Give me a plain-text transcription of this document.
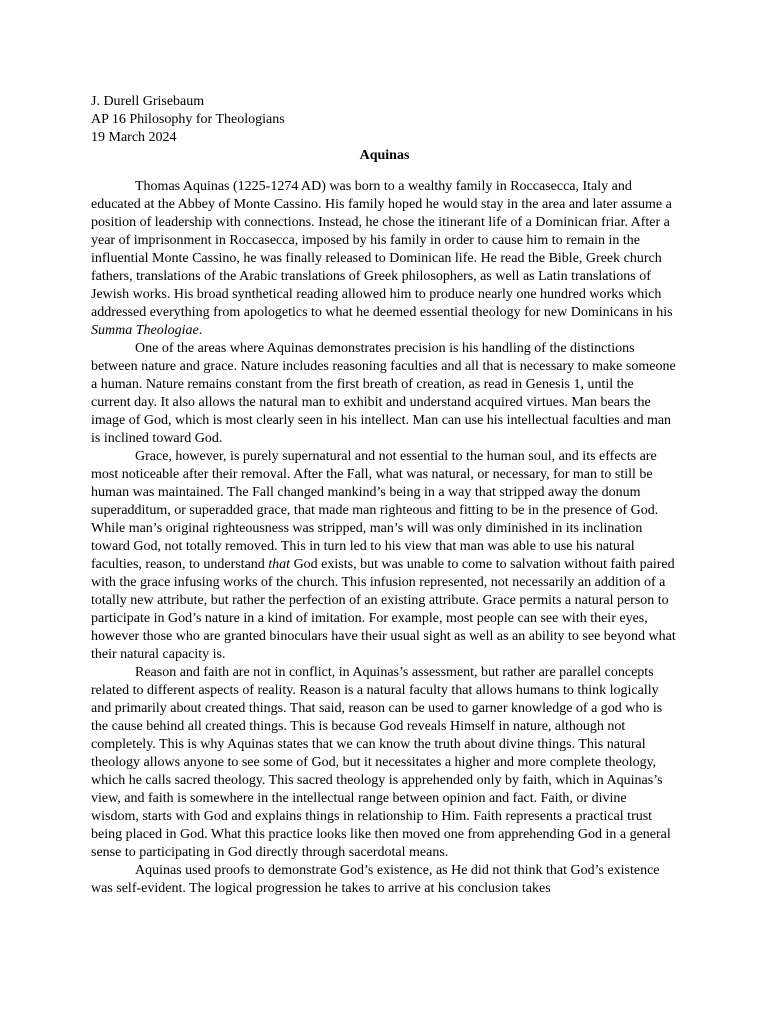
J. Durell Grisebaum

AP 16 Philosophy for Theologians

19 March 2024

Aquinas

Thomas Aquinas (1225-1274 AD) was born to a wealthy family in Roccasecca, Italy and educated at the Abbey of Monte Cassino. His family hoped he would stay in the area and later assume a position of leadership with connections. Instead, he chose the itinerant life of a Dominican friar. After a year of imprisonment in Roccasecca, imposed by his family in order to cause him to remain in the influential Monte Cassino, he was finally released to Dominican life. He read the Bible, Greek church fathers, translations of the Arabic translations of Greek philosophers, as well as Latin translations of Jewish works. His broad synthetical reading allowed him to produce nearly one hundred works which addressed everything from apologetics to what he deemed essential theology for new Dominicans in his Summa Theologiae.

One of the areas where Aquinas demonstrates precision is his handling of the distinctions between nature and grace. Nature includes reasoning faculties and all that is necessary to make someone a human. Nature remains constant from the first breath of creation, as read in Genesis 1, until the current day. It also allows the natural man to exhibit and understand acquired virtues. Man bears the image of God, which is most clearly seen in his intellect. Man can use his intellectual faculties and man is inclined toward God.

Grace, however, is purely supernatural and not essential to the human soul, and its effects are most noticeable after their removal. After the Fall, what was natural, or necessary, for man to still be human was maintained. The Fall changed mankind’s being in a way that stripped away the donum superadditum, or superadded grace, that made man righteous and fitting to be in the presence of God. While man’s original righteousness was stripped, man’s will was only diminished in its inclination toward God, not totally removed. This in turn led to his view that man was able to use his natural faculties, reason, to understand that God exists, but was unable to come to salvation without faith paired with the grace infusing works of the church. This infusion represented, not necessarily an addition of a totally new attribute, but rather the perfection of an existing attribute. Grace permits a natural person to participate in God’s nature in a kind of imitation. For example, most people can see with their eyes, however those who are granted binoculars have their usual sight as well as an ability to see beyond what their natural capacity is.

Reason and faith are not in conflict, in Aquinas’s assessment, but rather are parallel concepts related to different aspects of reality. Reason is a natural faculty that allows humans to think logically and primarily about created things. That said, reason can be used to garner knowledge of a god who is the cause behind all created things. This is because God reveals Himself in nature, although not completely. This is why Aquinas states that we can know the truth about divine things. This natural theology allows anyone to see some of God, but it necessitates a higher and more complete theology, which he calls sacred theology. This sacred theology is apprehended only by faith, which in Aquinas’s view, and faith is somewhere in the intellectual range between opinion and fact. Faith, or divine wisdom, starts with God and explains things in relationship to Him. Faith represents a practical trust being placed in God. What this practice looks like then moved one from apprehending God in a general sense to participating in God directly through sacerdotal means.

Aquinas used proofs to demonstrate God’s existence, as He did not think that God’s existence was self-evident. The logical progression he takes to arrive at his conclusion takes
